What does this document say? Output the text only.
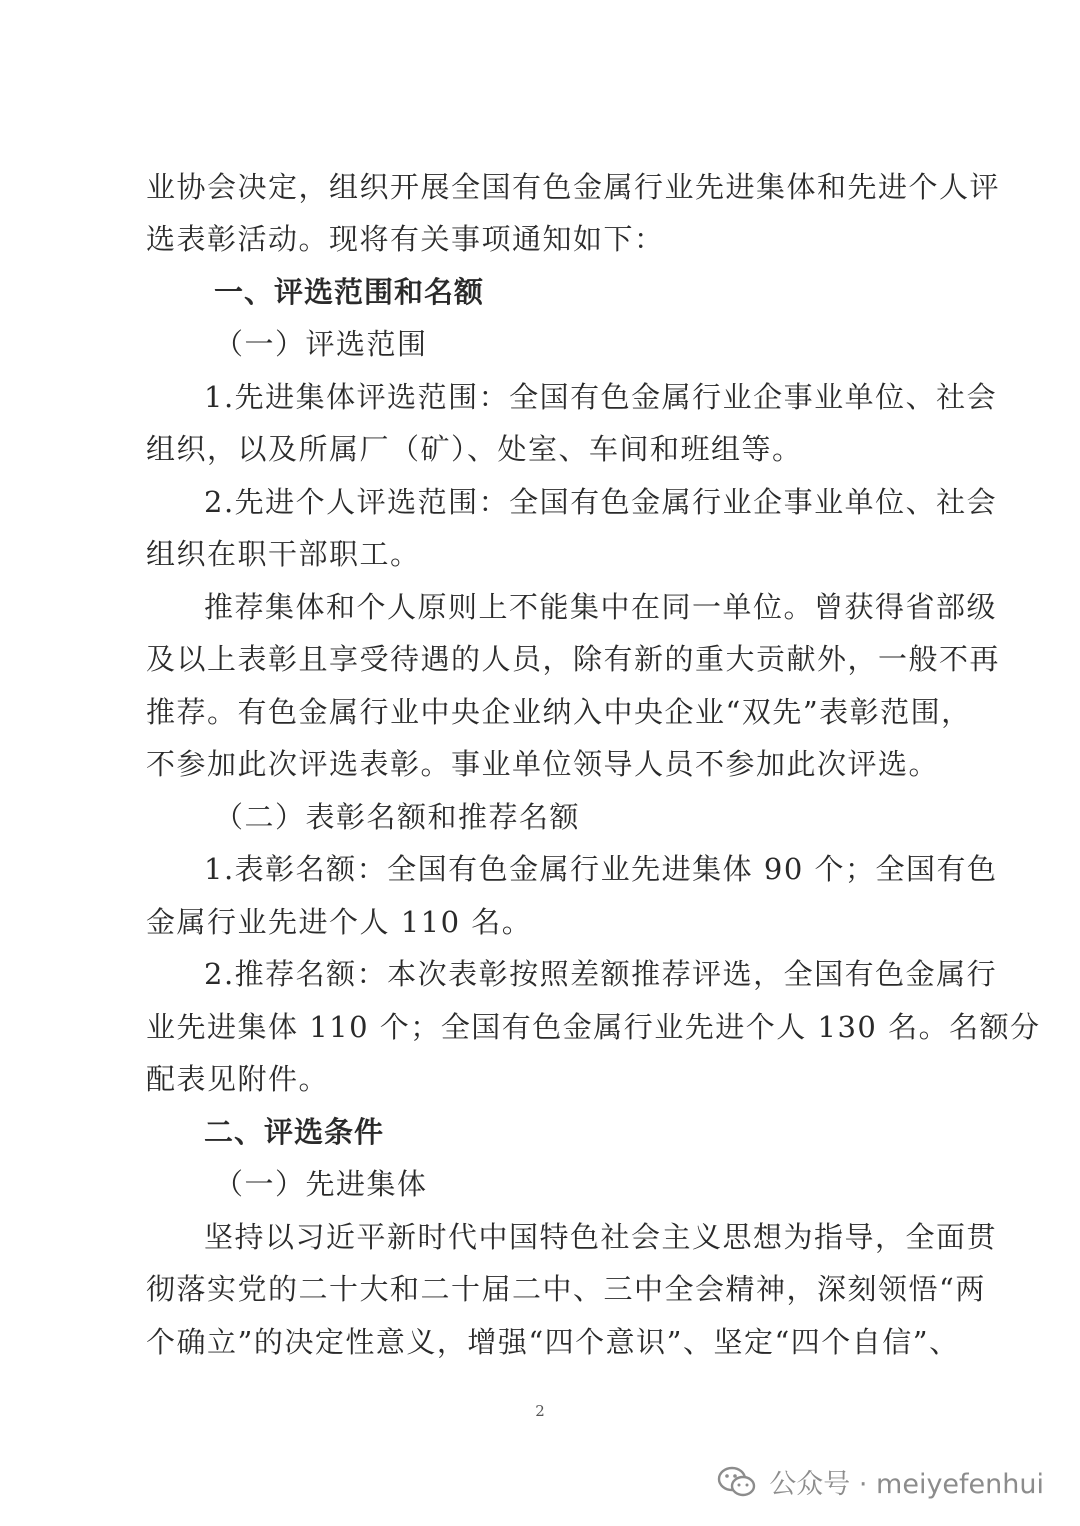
业协会决定，组织开展全国有色金属行业先进集体和先进个人评
选表彰活动。现将有关事项通知如下：
一、评选范围和名额
（一）评选范围
1.先进集体评选范围：全国有色金属行业企事业单位、社会
组织，以及所属厂（矿）、处室、车间和班组等。
2.先进个人评选范围：全国有色金属行业企事业单位、社会
组织在职干部职工。
推荐集体和个人原则上不能集中在同一单位。曾获得省部级
及以上表彰且享受待遇的人员，除有新的重大贡献外，一般不再
推荐。有色金属行业中央企业纳入中央企业“双先”表彰范围，
不参加此次评选表彰。事业单位领导人员不参加此次评选。
（二）表彰名额和推荐名额
1.表彰名额：全国有色金属行业先进集体 90 个；全国有色
金属行业先进个人 110 名。
2.推荐名额：本次表彰按照差额推荐评选，全国有色金属行
业先进集体 110 个；全国有色金属行业先进个人 130 名。名额分
配表见附件。
二、评选条件
（一）先进集体
坚持以习近平新时代中国特色社会主义思想为指导，全面贯
彻落实党的二十大和二十届二中、三中全会精神，深刻领悟“两
个确立”的决定性意义，增强“四个意识”、坚定“四个自信”、
2
公众号 · meiyefenhui
